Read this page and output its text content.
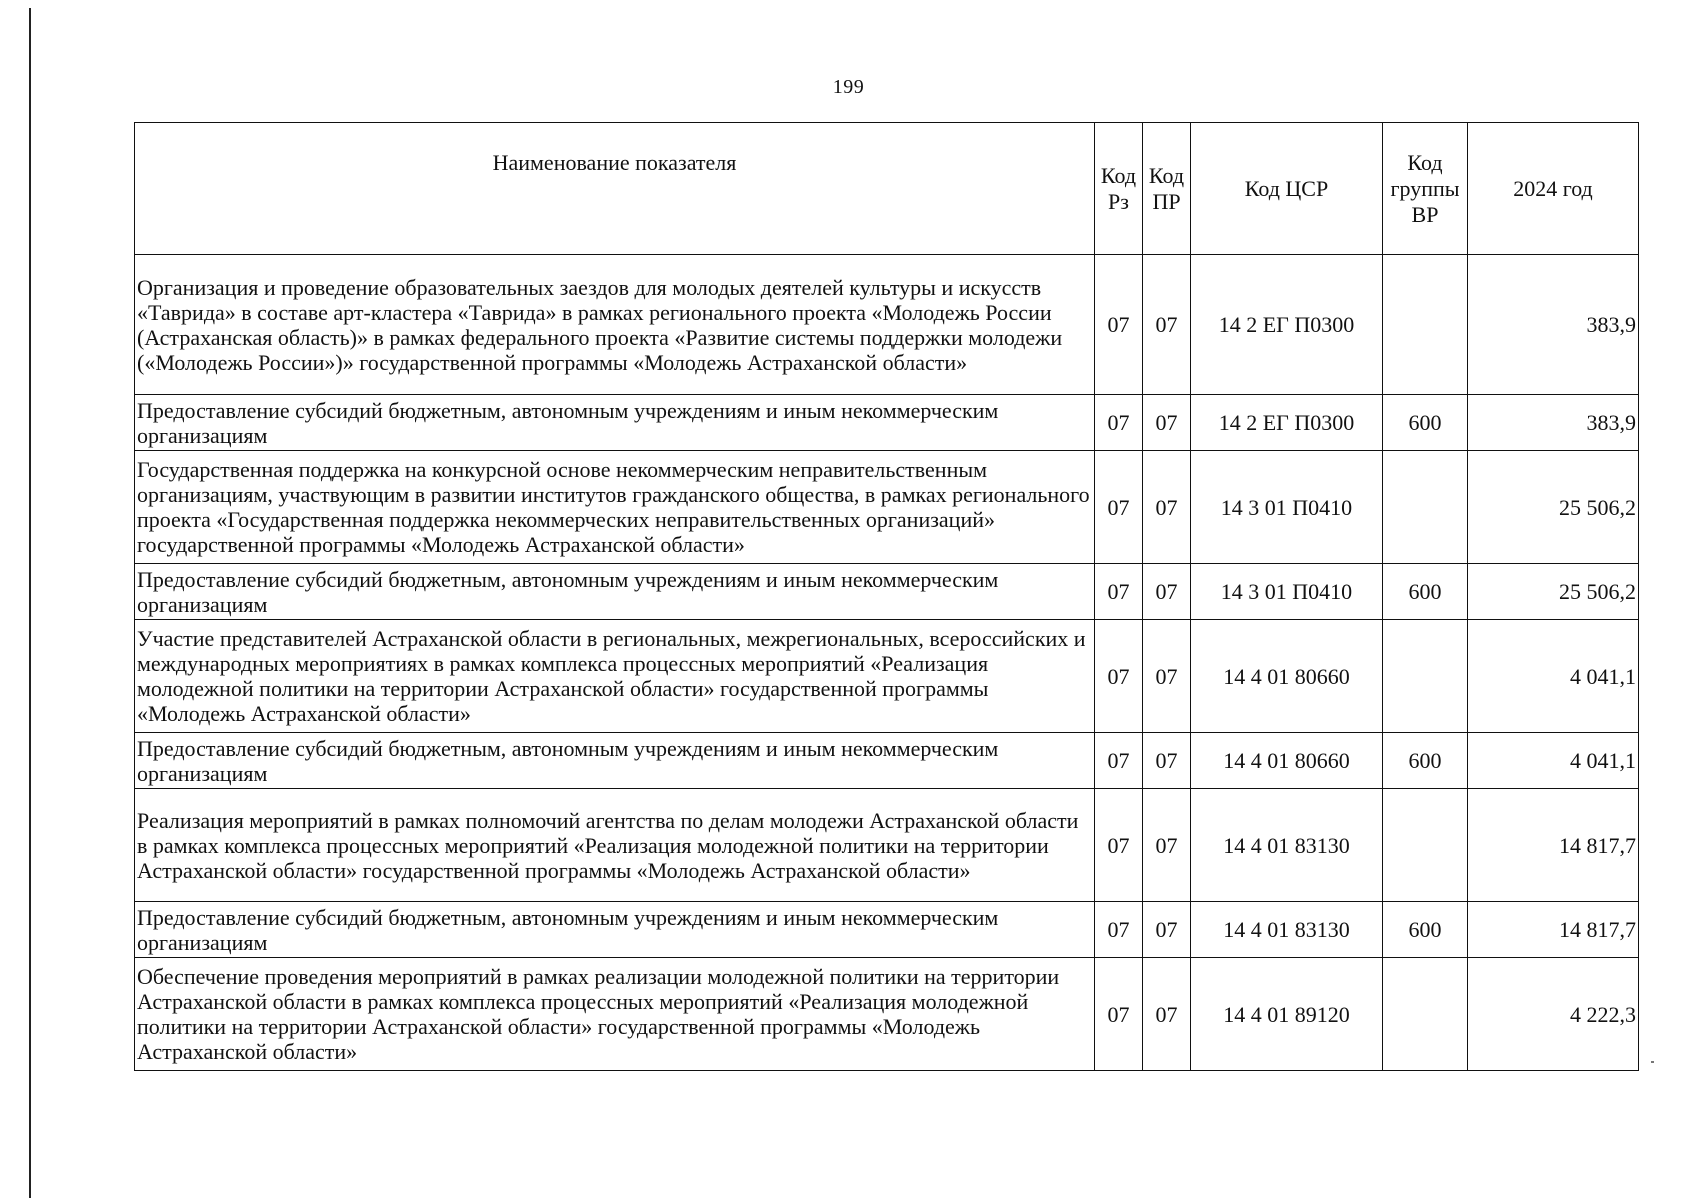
199
Наименование показателя	Код Рз	Код ПР	Код ЦСР	Код группы ВР	2024 год
Организация и проведение образовательных заездов для молодых деятелей культуры и искусств «Таврида» в составе арт-кластера «Таврида» в рамках регионального проекта «Молодежь России (Астраханская область)» в рамках федерального проекта «Развитие системы поддержки молодежи («Молодежь России»)» государственной программы «Молодежь Астраханской области»	07	07	14 2 ЕГ П0300		383,9
Предоставление субсидий бюджетным, автономным учреждениям и иным некоммерческим организациям	07	07	14 2 ЕГ П0300	600	383,9
Государственная поддержка на конкурсной основе некоммерческим неправительственным организациям, участвующим в развитии институтов гражданского общества, в рамках регионального проекта «Государственная поддержка некоммерческих неправительственных организаций» государственной программы «Молодежь Астраханской области»	07	07	14 3 01 П0410		25 506,2
Предоставление субсидий бюджетным, автономным учреждениям и иным некоммерческим организациям	07	07	14 3 01 П0410	600	25 506,2
Участие представителей Астраханской области в региональных, межрегиональных, всероссийских и международных мероприятиях в рамках комплекса процессных мероприятий «Реализация молодежной политики на территории Астраханской области» государственной программы «Молодежь Астраханской области»	07	07	14 4 01 80660		4 041,1
Предоставление субсидий бюджетным, автономным учреждениям и иным некоммерческим организациям	07	07	14 4 01 80660	600	4 041,1
Реализация мероприятий в рамках полномочий агентства по делам молодежи Астраханской области в рамках комплекса процессных мероприятий «Реализация молодежной политики на территории Астраханской области» государственной программы «Молодежь Астраханской области»	07	07	14 4 01 83130		14 817,7
Предоставление субсидий бюджетным, автономным учреждениям и иным некоммерческим организациям	07	07	14 4 01 83130	600	14 817,7
Обеспечение проведения мероприятий в рамках реализации молодежной политики на территории Астраханской области в рамках комплекса процессных мероприятий «Реализация молодежной политики на территории Астраханской области» государственной программы «Молодежь Астраханской области»	07	07	14 4 01 89120		4 222,3
